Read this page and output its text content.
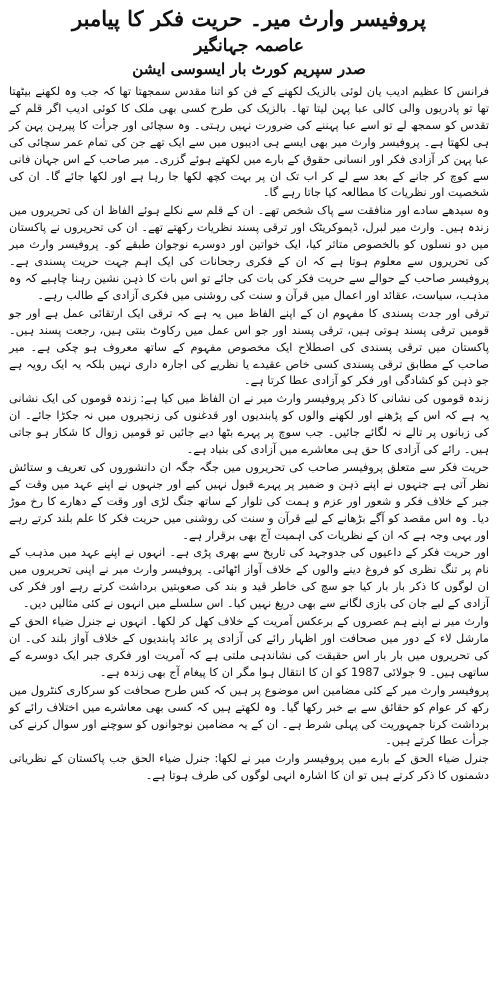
پروفیسر وارث میر۔ حریت فکر کا پیامبر
عاصمہ جہانگیر
صدر سپریم کورٹ بار ایسوسی ایشن

فرانس کا عظیم ادیب یان لوئی بالزیک لکھنے کے فن کو اتنا مقدس سمجھتا تھا کہ جب وہ لکھنے بیٹھتا تھا تو پادریوں والی کالی عبا پہن لیتا تھا۔ بالزیک کی طرح کسی بھی ملک کا کوئی ادیب اگر قلم کے تقدس کو سمجھ لے تو اسے عبا پہننے کی ضرورت نہیں رہتی۔ وہ سچائی اور جرأت کا پیرہن پہن کر ہی لکھتا ہے۔ پروفیسر وارث میر بھی ایسے ہی ادیبوں میں سے ایک تھے جن کی تمام عمر سچائی کی عبا پہن کر آزادی فکر اور انسانی حقوق کے بارے میں لکھتے ہوئے گزری۔ میر صاحب کے اس جہان فانی سے کوچ کر جانے کے بعد سے لے کر اب تک ان پر بہت کچھ لکھا جا رہا ہے اور لکھا جائے گا۔ ان کی شخصیت اور نظریات کا مطالعہ کیا جاتا رہے گا۔

وہ سیدھے سادے اور منافقت سے پاک شخص تھے۔ ان کے قلم سے نکلے ہوئے الفاظ ان کی تحریروں میں زندہ ہیں۔ وارث میر لبرل، ڈیموکریٹک اور ترقی پسند نظریات رکھتے تھے۔ ان کی تحریروں نے پاکستان میں دو نسلوں کو بالخصوص متاثر کیا، ایک خواتین اور دوسرے نوجوان طبقے کو۔ پروفیسر وارث میر کی تحریروں سے معلوم ہوتا ہے کہ ان کے فکری رجحانات کی ایک اہم جہت حریت پسندی ہے۔ پروفیسر صاحب کے حوالے سے حریت فکر کی بات کی جائے تو اس بات کا ذہن نشین رہنا چاہیے کہ وہ مذہب، سیاست، عقائد اور اعمال میں قرآن و سنت کی روشنی میں فکری آزادی کے طالب رہے۔

ترقی اور جدت پسندی کا مفہوم ان کے اپنے الفاظ میں یہ ہے کہ ترقی ایک ارتقائی عمل ہے اور جو قومیں ترقی پسند ہوتی ہیں، ترقی پسند اور جو اس عمل میں رکاوٹ بنتی ہیں، رجعت پسند ہیں۔ پاکستان میں ترقی پسندی کی اصطلاح ایک مخصوص مفہوم کے ساتھ معروف ہو چکی ہے۔ میر صاحب کے مطابق ترقی پسندی کسی خاص عقیدے یا نظریے کی اجارہ داری نہیں بلکہ یہ ایک رویہ ہے جو ذہن کو کشادگی اور فکر کو آزادی عطا کرتا ہے۔

زندہ قوموں کی نشانی کا ذکر پروفیسر وارث میر نے ان الفاظ میں کیا ہے: زندہ قوموں کی ایک نشانی یہ ہے کہ اس کے پڑھنے اور لکھنے والوں کو پابندیوں اور قدغنوں کی زنجیروں میں نہ جکڑا جائے۔ ان کی زبانوں پر تالے نہ لگائے جائیں۔ جب سوچ پر پہرے بٹھا دیے جائیں تو قومیں زوال کا شکار ہو جاتی ہیں۔ رائے کی آزادی کا حق ہی معاشرے میں آزادی کی بنیاد ہے۔

حریت فکر سے متعلق پروفیسر صاحب کی تحریروں میں جگہ جگہ ان دانشوروں کی تعریف و ستائش نظر آتی ہے جنہوں نے اپنے ذہن و ضمیر پر پہرے قبول نہیں کیے اور جنہوں نے اپنے عہد میں وقت کے جبر کے خلاف فکر و شعور اور عزم و ہمت کی تلوار کے ساتھ جنگ لڑی اور وقت کے دھارے کا رخ موڑ دیا۔ وہ اس مقصد کو آگے بڑھانے کے لیے قرآن و سنت کی روشنی میں حریت فکر کا علم بلند کرتے رہے اور یہی وجہ ہے کہ ان کے نظریات کی اہمیت آج بھی برقرار ہے۔

اور حریت فکر کے داعیوں کی جدوجہد کی تاریخ سے بھری پڑی ہے۔ انہوں نے اپنے عہد میں مذہب کے نام پر تنگ نظری کو فروغ دینے والوں کے خلاف آواز اٹھائی۔ پروفیسر وارث میر نے اپنی تحریروں میں ان لوگوں کا ذکر بار بار کیا جو سچ کی خاطر قید و بند کی صعوبتیں برداشت کرتے رہے اور فکر کی آزادی کے لیے جان کی بازی لگانے سے بھی دریغ نہیں کیا۔ اس سلسلے میں انہوں نے کئی مثالیں دیں۔

وارث میر نے اپنے ہم عصروں کے برعکس آمریت کے خلاف کھل کر لکھا۔ انہوں نے جنرل ضیاء الحق کے مارشل لاء کے دور میں صحافت اور اظہار رائے کی آزادی پر عائد پابندیوں کے خلاف آواز بلند کی۔ ان کی تحریروں میں بار بار اس حقیقت کی نشاندہی ملتی ہے کہ آمریت اور فکری جبر ایک دوسرے کے ساتھی ہیں۔ 9 جولائی 1987 کو ان کا انتقال ہوا مگر ان کا پیغام آج بھی زندہ ہے۔

پروفیسر وارث میر کے کئی مضامین اس موضوع پر ہیں کہ کس طرح صحافت کو سرکاری کنٹرول میں رکھ کر عوام کو حقائق سے بے خبر رکھا گیا۔ وہ لکھتے ہیں کہ کسی بھی معاشرے میں اختلاف رائے کو برداشت کرنا جمہوریت کی پہلی شرط ہے۔ ان کے یہ مضامین نوجوانوں کو سوچنے اور سوال کرنے کی جرأت عطا کرتے ہیں۔

جنرل ضیاء الحق کے بارے میں پروفیسر وارث میر نے لکھا: جنرل ضیاء الحق جب پاکستان کے نظریاتی دشمنوں کا ذکر کرتے ہیں تو ان کا اشارہ انہی لوگوں کی طرف ہوتا ہے۔
